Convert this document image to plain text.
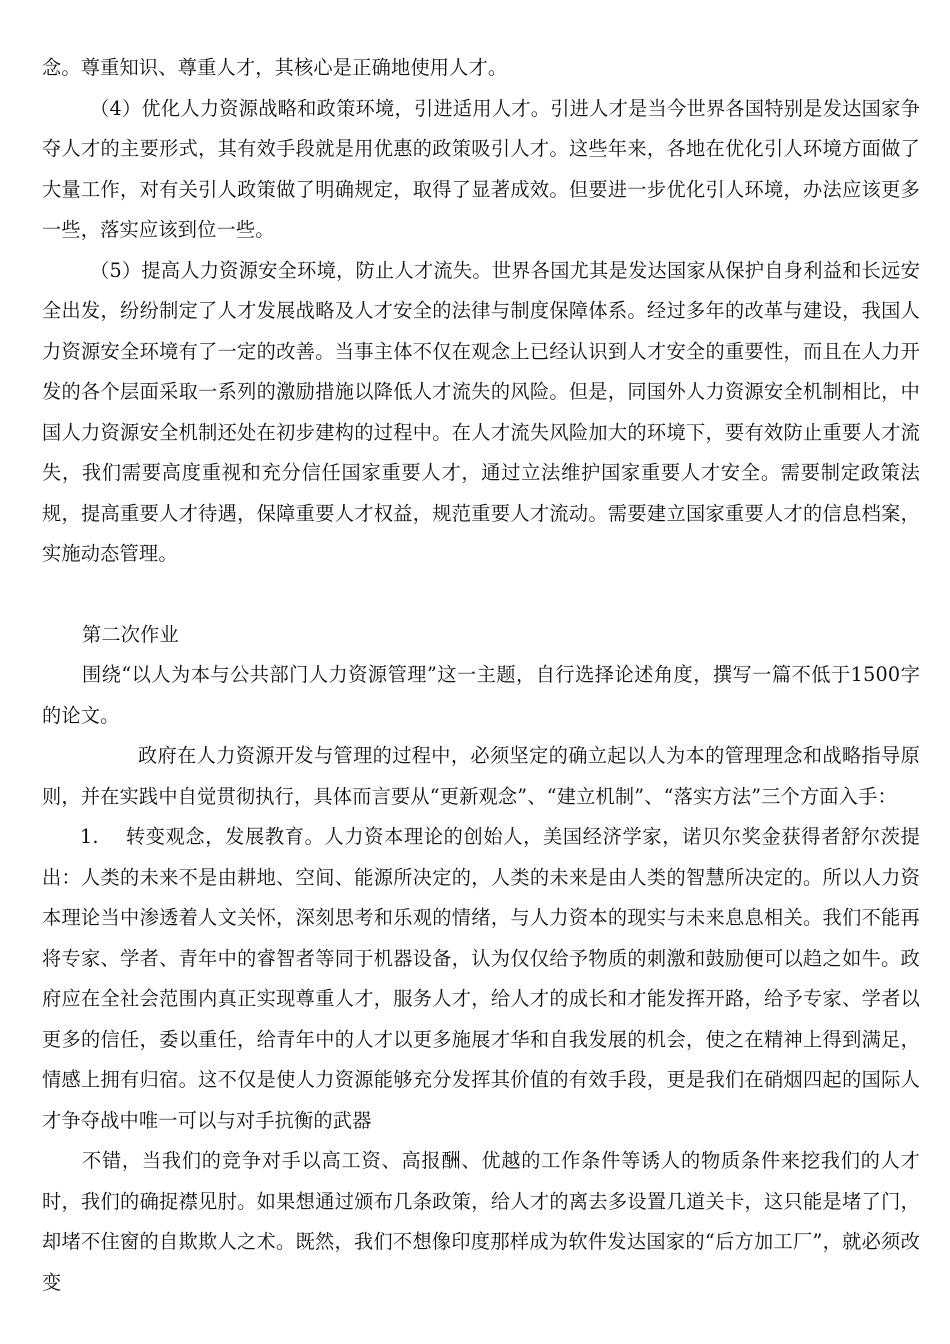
念。尊重知识、尊重人才，其核心是正确地使用人才。

（4）优化人力资源战略和政策环境，引进适用人才。引进人才是当今世界各国特别是发达国家争夺人才的主要形式，其有效手段就是用优惠的政策吸引人才。这些年来，各地在优化引人环境方面做了大量工作，对有关引人政策做了明确规定，取得了显著成效。但要进一步优化引人环境，办法应该更多一些，落实应该到位一些。

（5）提高人力资源安全环境，防止人才流失。世界各国尤其是发达国家从保护自身利益和长远安全出发，纷纷制定了人才发展战略及人才安全的法律与制度保障体系。经过多年的改革与建设，我国人力资源安全环境有了一定的改善。当事主体不仅在观念上已经认识到人才安全的重要性，而且在人力开发的各个层面采取一系列的激励措施以降低人才流失的风险。但是，同国外人力资源安全机制相比，中国人力资源安全机制还处在初步建构的过程中。在人才流失风险加大的环境下，要有效防止重要人才流失，我们需要高度重视和充分信任国家重要人才，通过立法维护国家重要人才安全。需要制定政策法规，提高重要人才待遇，保障重要人才权益，规范重要人才流动。需要建立国家重要人才的信息档案，实施动态管理。

第二次作业

围绕“以人为本与公共部门人力资源管理”这一主题，自行选择论述角度，撰写一篇不低于1500字的论文。

政府在人力资源开发与管理的过程中，必须坚定的确立起以人为本的管理理念和战略指导原则，并在实践中自觉贯彻执行，具体而言要从“更新观念”、“建立机制”、“落实方法”三个方面入手：

1.　 转变观念，发展教育。人力资本理论的创始人，美国经济学家，诺贝尔奖金获得者舒尔茨提出：人类的未来不是由耕地、空间、能源所决定的，人类的未来是由人类的智慧所决定的。所以人力资本理论当中渗透着人文关怀，深刻思考和乐观的情绪，与人力资本的现实与未来息息相关。我们不能再将专家、学者、青年中的睿智者等同于机器设备，认为仅仅给予物质的刺激和鼓励便可以趋之如牛。政府应在全社会范围内真正实现尊重人才，服务人才，给人才的成长和才能发挥开路，给予专家、学者以更多的信任，委以重任，给青年中的人才以更多施展才华和自我发展的机会，使之在精神上得到满足，情感上拥有归宿。这不仅是使人力资源能够充分发挥其价值的有效手段，更是我们在硝烟四起的国际人才争夺战中唯一可以与对手抗衡的武器

不错，当我们的竞争对手以高工资、高报酬、优越的工作条件等诱人的物质条件来挖我们的人才时，我们的确捉襟见肘。如果想通过颁布几条政策，给人才的离去多设置几道关卡，这只能是堵了门，却堵不住窗的自欺欺人之术。既然，我们不想像印度那样成为软件发达国家的“后方加工厂”，就必须改变
